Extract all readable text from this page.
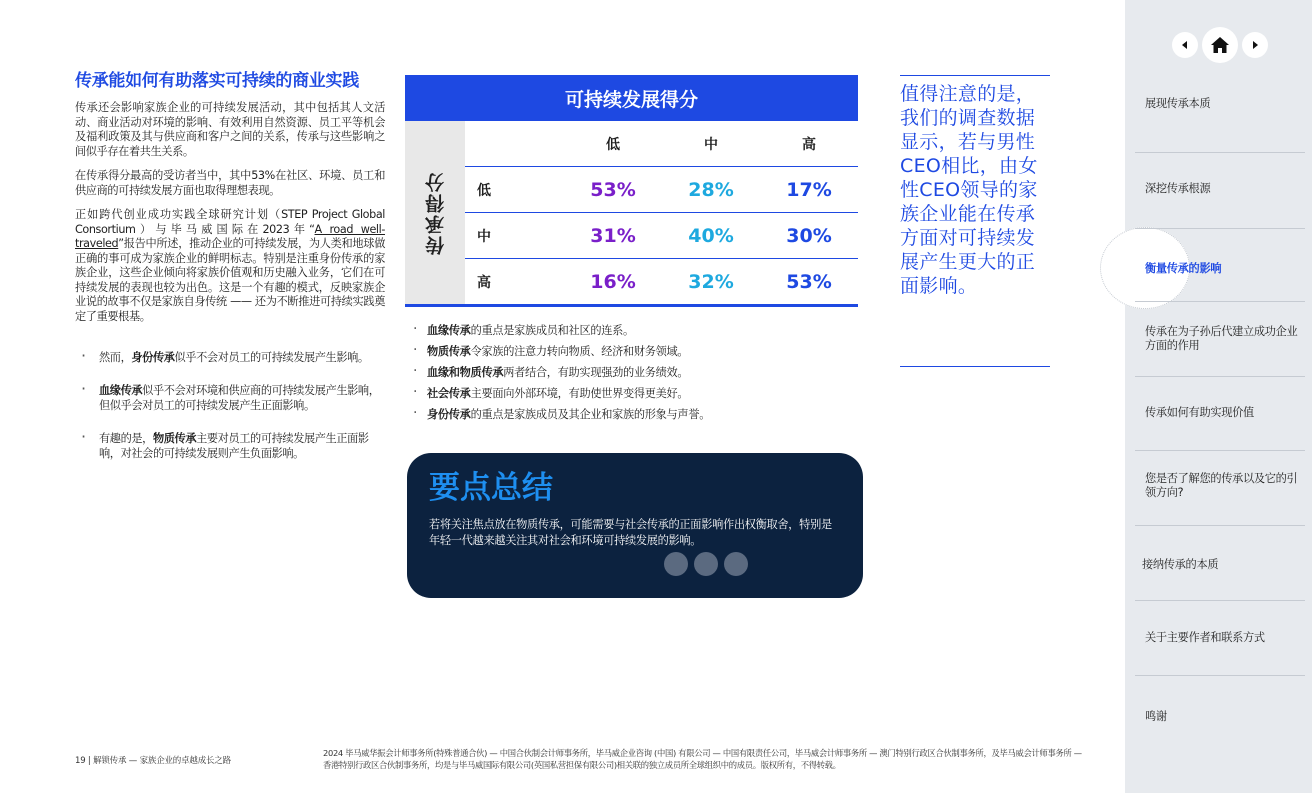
传承能如何有助落实可持续的商业实践

传承还会影响家族企业的可持续发展活动，其中包括其人文活动、商业活动对环境的影响、有效利用自然资源、员工平等机会及福利政策及其与供应商和客户之间的关系，传承与这些影响之间似乎存在着共生关系。

在传承得分最高的受访者当中，其中53%在社区、环境、员工和供应商的可持续发展方面也取得理想表现。

正如跨代创业成功实践全球研究计划（STEP Project Global Consortium）与毕马威国际在2023年“A road well-traveled”报告中所述，推动企业的可持续发展，为人类和地球做正确的事可成为家族企业的鲜明标志。特别是注重身份传承的家族企业，这些企业倾向将家族价值观和历史融入业务，它们在可持续发展的表现也较为出色。这是一个有趣的模式，反映家族企业说的故事不仅是家族自身传统 —— 还为不断推进可持续实践奠定了重要根基。

· 然而，身份传承似乎不会对员工的可持续发展产生影响。
· 血缘传承似乎不会对环境和供应商的可持续发展产生影响，但似乎会对员工的可持续发展产生正面影响。
· 有趣的是，物质传承主要对员工的可持续发展产生正面影响，对社会的可持续发展则产生负面影响。
可持续发展得分
传承得分
低	中	高
低	53%	28%	17%
中	31%	40%	30%
高	16%	32%	53%
· 血缘传承的重点是家族成员和社区的连系。
· 物质传承令家族的注意力转向物质、经济和财务领域。
· 血缘和物质传承两者结合，有助实现强劲的业务绩效。
· 社会传承主要面向外部环境，有助使世界变得更美好。
· 身份传承的重点是家族成员及其企业和家族的形象与声誉。
要点总结
若将关注焦点放在物质传承，可能需要与社会传承的正面影响作出权衡取舍，特别是年轻一代越来越关注其对社会和环境可持续发展的影响。
值得注意的是，我们的调查数据显示，若与男性CEO相比，由女性CEO领导的家族企业能在传承方面对可持续发展产生更大的正面影响。
19 | 解锁传承 — 家族企业的卓越成长之路
2024 毕马威华振会计师事务所(特殊普通合伙) — 中国合伙制会计师事务所，毕马威企业咨询 (中国) 有限公司 — 中国有限责任公司，毕马威会计师事务所 — 澳门特别行政区合伙制事务所，及毕马威会计师事务所 — 香港特别行政区合伙制事务所，均是与毕马威国际有限公司(英国私营担保有限公司)相关联的独立成员所全球组织中的成员。版权所有，不得转载。
展现传承本质
深挖传承根源
衡量传承的影响
传承在为子孙后代建立成功企业方面的作用
传承如何有助实现价值
您是否了解您的传承以及它的引领方向?
接纳传承的本质
关于主要作者和联系方式
鸣谢
